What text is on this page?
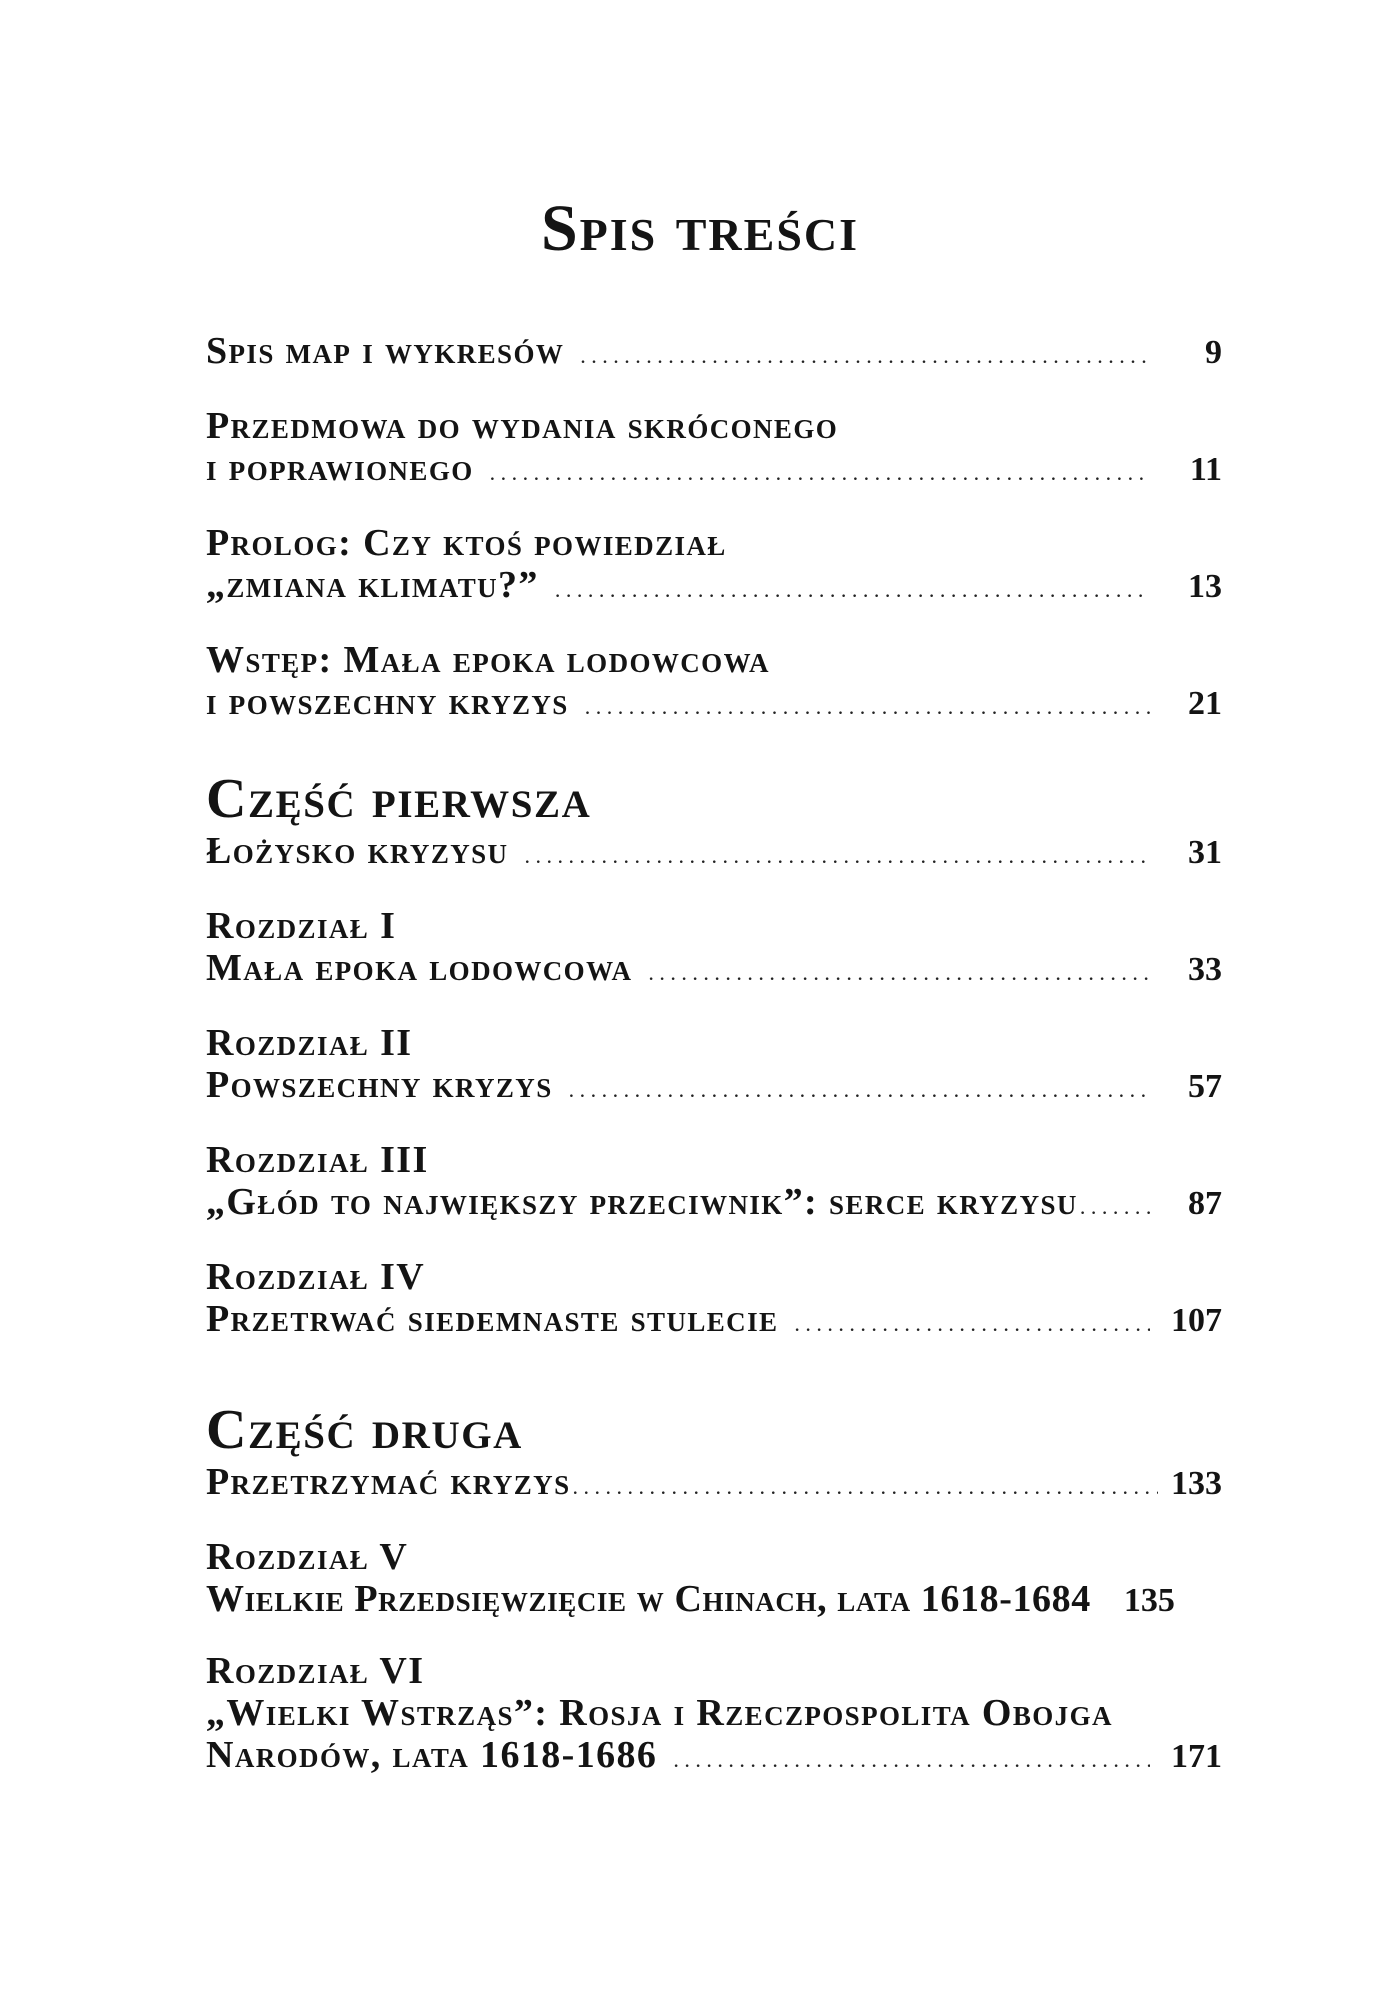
Spis treści
Spis map i wykresów . . .	9
Przedmowa do wydania skróconego
i poprawionego . . .	11
Prolog: Czy ktoś powiedział
„zmiana klimatu?” . . .	13
Wstęp: Mała epoka lodowcowa
i powszechny kryzys . . .	21
Część pierwsza
Łożysko kryzysu . . .	31
Rozdział I
Mała epoka lodowcowa . . .	33
Rozdział II
Powszechny kryzys . . .	57
Rozdział III
„Głód to największy przeciwnik”: serce kryzysu . . .	87
Rozdział IV
Przetrwać siedemnaste stulecie . . .	107
Część druga
Przetrzymać kryzys . . .	133
Rozdział V
Wielkie Przedsięwzięcie w Chinach, lata 1618-1684 135
Rozdział VI
„Wielki Wstrząs”: Rosja i Rzeczpospolita Obojga
Narodów, lata 1618-1686 . . .	171
